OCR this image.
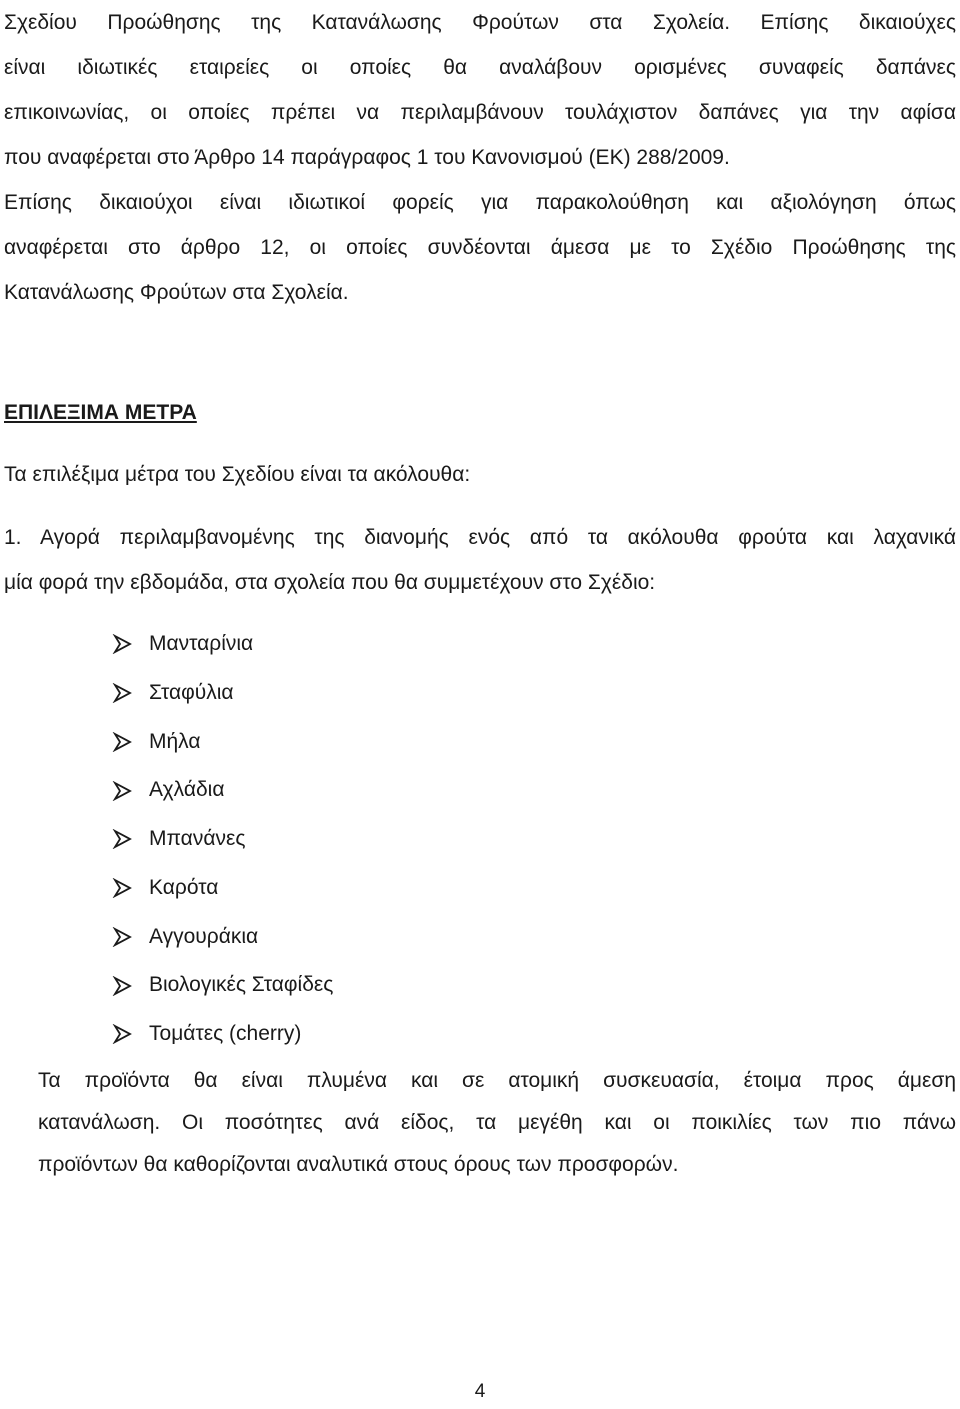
Σχεδίου Προώθησης της Κατανάλωσης Φρούτων στα Σχολεία. Επίσης δικαιούχες
είναι ιδιωτικές εταιρείες οι οποίες θα αναλάβουν ορισμένες συναφείς δαπάνες
επικοινωνίας, οι οποίες πρέπει να περιλαμβάνουν τουλάχιστον δαπάνες για την αφίσα
που αναφέρεται στο Άρθρο 14 παράγραφος 1 του Κανονισμού (ΕΚ) 288/2009.
Επίσης δικαιούχοι είναι ιδιωτικοί φορείς για παρακολούθηση και αξιολόγηση όπως
αναφέρεται στο άρθρο 12, οι οποίες συνδέονται άμεσα με το Σχέδιο Προώθησης της
Κατανάλωσης Φρούτων στα Σχολεία.
ΕΠΙΛΕΞΙΜΑ ΜΕΤΡΑ

Τα επιλέξιμα μέτρα του Σχεδίου είναι τα ακόλουθα:

1. Αγορά περιλαμβανομένης της διανομής ενός από τα ακόλουθα φρούτα και λαχανικά
μία φορά την εβδομάδα, στα σχολεία που θα συμμετέχουν στο Σχέδιο:
Μανταρίνια
Σταφύλια
Μήλα
Αχλάδια
Μπανάνες
Καρότα
Αγγουράκια
Βιολογικές Σταφίδες
Τομάτες (cherry)
Τα προϊόντα θα είναι πλυμένα και σε ατομική συσκευασία, έτοιμα προς άμεση
κατανάλωση. Οι ποσότητες ανά είδος, τα μεγέθη και οι ποικιλίες των πιο πάνω
προϊόντων θα καθορίζονται αναλυτικά στους όρους των προσφορών.

4
